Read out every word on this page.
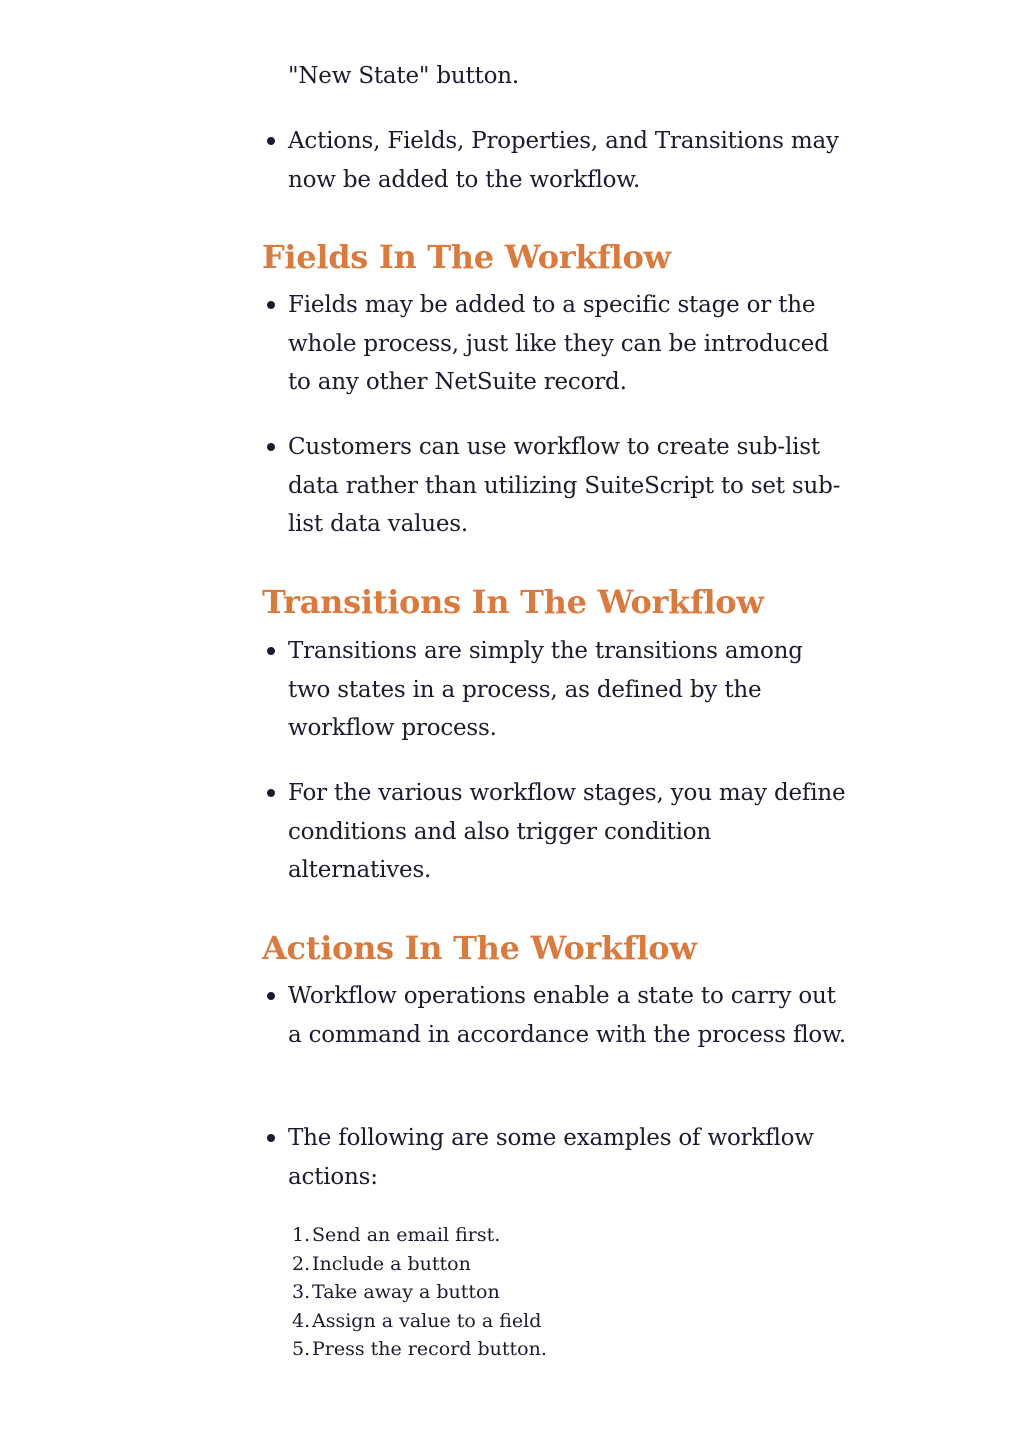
"New State" button.
Actions, Fields, Properties, and Transitions may now be added to the workflow.
Fields In The Workflow
Fields may be added to a specific stage or the whole process, just like they can be introduced to any other NetSuite record.
Customers can use workflow to create sub-list data rather than utilizing SuiteScript to set sub-list data values.
Transitions In The Workflow
Transitions are simply the transitions among two states in a process, as defined by the workflow process.
For the various workflow stages, you may define conditions and also trigger condition alternatives.
Actions In The Workflow
Workflow operations enable a state to carry out a command in accordance with the process flow.
The following are some examples of workflow actions:
1. Send an email first.
2. Include a button
3. Take away a button
4. Assign a value to a field
5. Press the record button.
